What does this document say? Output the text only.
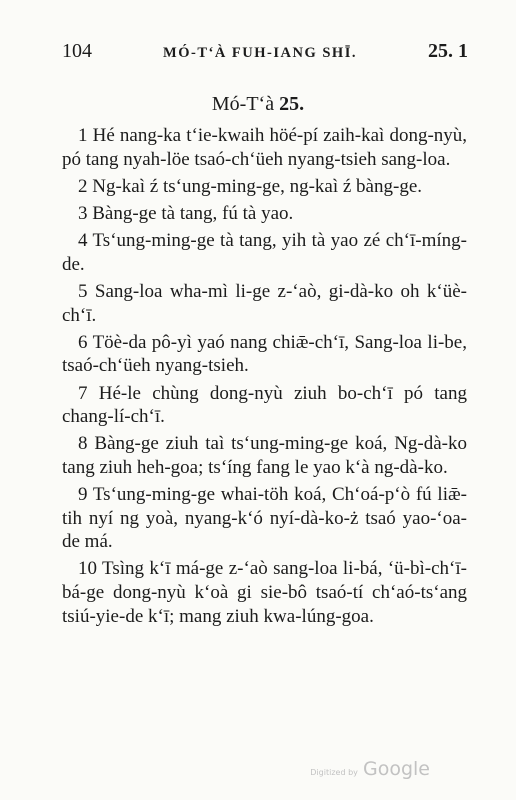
104	MÓ-T‘À FUH-IANG SHĪ.	25. 1
Mó-T‘à 25.

1 Hé nang-ka t‘ie-kwaih höé-pí zaih-kaì dong-nyù, pó tang nyah-löe tsaó-ch‘üeh nyang-tsieh sang-loa.

2 Ng-kaì ź ts‘ung-ming-ge, ng-kaì ź bàng-ge.

3 Bàng-ge tà tang, fú tà yao.

4 Ts‘ung-ming-ge tà tang, yih tà yao zé ch‘ī-míng-de.

5 Sang-loa wha-mì li-ge z-‘aò, gi-dà-ko oh k‘üè-ch‘ī.

6 Töè-da pô-yì yaó nang chiǣ-ch‘ī, Sang-loa li-be, tsaó-ch‘üeh nyang-tsieh.

7 Hé-le chùng dong-nyù ziuh bo-ch‘ī pó tang chang-lí-ch‘ī.

8 Bàng-ge ziuh taì ts‘ung-ming-ge koá, Ng-dà-ko tang ziuh heh-goa; ts‘íng fang le yao k‘à ng-dà-ko.

9 Ts‘ung-ming-ge whai-töh koá, Ch‘oá-p‘ò fú liǣ-tih nyí ng yoà, nyang-k‘ó nyí-dà-ko-ż tsaó yao-‘oa-de má.

10 Tsìng k‘ī má-ge z-‘aò sang-loa li-bá, ‘ü-bì-ch‘ī-bá-ge dong-nyù k‘oà gi sie-bô tsaó-tí ch‘aó-ts‘ang tsiú-yie-de k‘ī; mang ziuh kwa-lúng-goa.

Digitized by Google
